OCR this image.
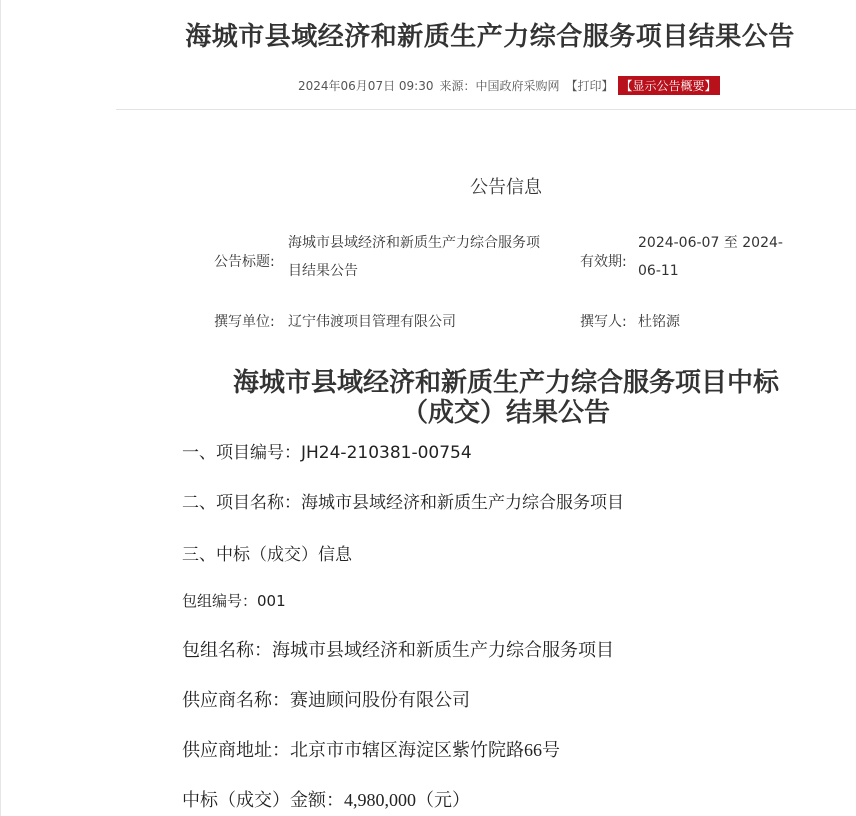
海城市县域经济和新质生产力综合服务项目结果公告
2024年06月07日 09:30 来源： 中国政府采购网 【打印】 【显示公告概要】
公告信息
公告标题:
海城市县域经济和新质生产力综合服务项
目结果公告
有效期:
2024-06-07 至 2024-
06-11
撰写单位: 辽宁伟渡项目管理有限公司	撰写人: 杜铭源
海城市县域经济和新质生产力综合服务项目中标
（成交）结果公告
一、项目编号：JH24-210381-00754
二、项目名称：海城市县域经济和新质生产力综合服务项目
三、中标（成交）信息
包组编号：001
包组名称：海城市县域经济和新质生产力综合服务项目
供应商名称：赛迪顾问股份有限公司
供应商地址：北京市市辖区海淀区紫竹院路66号
中标（成交）金额：4,980,000（元）
